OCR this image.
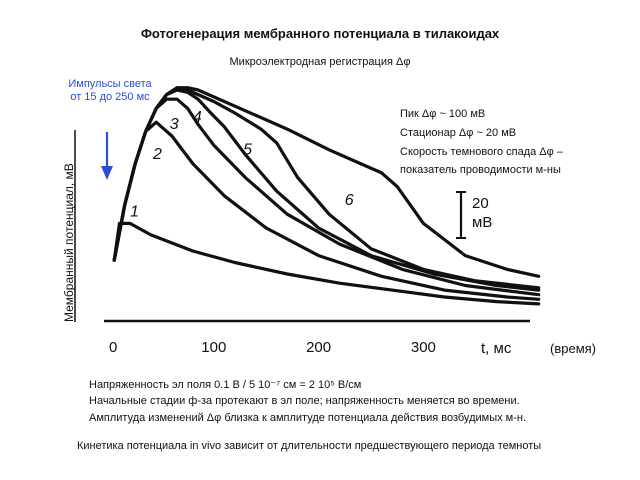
Фотогенерация мембранного потенциала в тилакоидах
Микроэлектродная регистрация Δφ
1
2
3 4
5
6
0	100	200	300
Импульсы света от 15 до 250 мс
Мембранный потенциал, мВ
Пик Δφ ~ 100 мВ
Стационар Δφ ~ 20 мВ
Скорость темнового спада Δφ –
показатель проводимости м-ны
20
мВ
t, мс	(время)
Напряженность эл поля 0.1 В / 5 10⁻⁷ см = 2 10⁵ В/см
Начальные стадии ф-за протекают в эл поле; напряженность меняется во времени.
Амплитуда изменений Δφ близка к амплитуде потенциала действия возбудимых м-н.
Кинетика потенциала in vivo зависит от длительности предшествующего периода темноты
